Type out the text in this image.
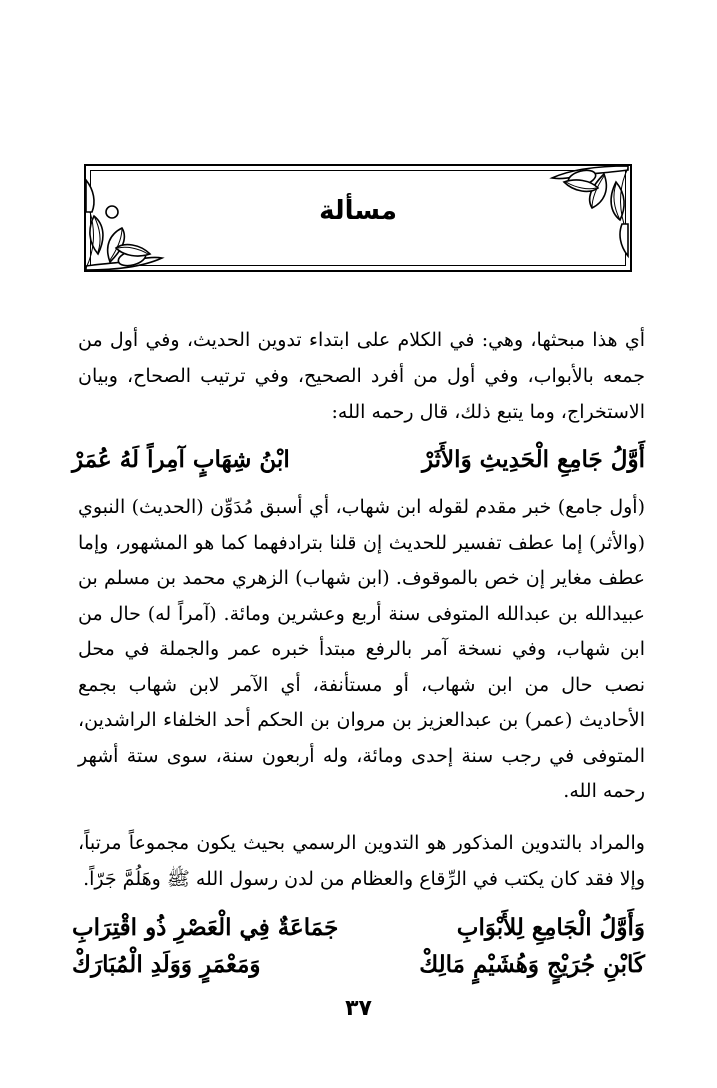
مسألة
أي هذا مبحثها، وهي: في الكلام على ابتداء تدوين الحديث، وفي أول من جمعه بالأبواب، وفي أول من أفرد الصحيح، وفي ترتيب الصحاح، وبيان الاستخراج، وما يتبع ذلك، قال رحمه الله:
أَوَّلُ جَامِعِ الْحَدِيثِ وَالأَثَرْ
ابْنُ شِهَابٍ آمِراً لَهُ عُمَرْ
(أول جامع) خبر مقدم لقوله ابن شهاب، أي أسبق مُدَوِّن (الحديث) النبوي (والأثر) إما عطف تفسير للحديث إن قلنا بترادفهما كما هو المشهور، وإما عطف مغاير إن خص بالموقوف. (ابن شهاب) الزهري محمد بن مسلم بن عبيدالله بن عبدالله المتوفى سنة أربع وعشرين ومائة. (آمراً له) حال من ابن شهاب، وفي نسخة آمر بالرفع مبتدأ خبره عمر والجملة في محل نصب حال من ابن شهاب، أو مستأنفة، أي الآمر لابن شهاب بجمع الأحاديث (عمر) بن عبدالعزيز بن مروان بن الحكم أحد الخلفاء الراشدين، المتوفى في رجب سنة إحدى ومائة، وله أربعون سنة، سوى ستة أشهر رحمه الله.
والمراد بالتدوين المذكور هو التدوين الرسمي بحيث يكون مجموعاً مرتباً، وإلا فقد كان يكتب في الرِّقاع والعظام من لدن رسول الله ﷺ وهَلُمَّ جَرّاً.
وَأَوَّلُ الْجَامِعِ لِلأَبْوَابِ
جَمَاعَةٌ فِي الْعَصْرِ ذُو اقْتِرَابِ
كَابْنِ جُرَيْجٍ وَهُشَيْمٍ مَالِكْ
وَمَعْمَرٍ وَوَلَدِ الْمُبَارَكْ
٣٧
